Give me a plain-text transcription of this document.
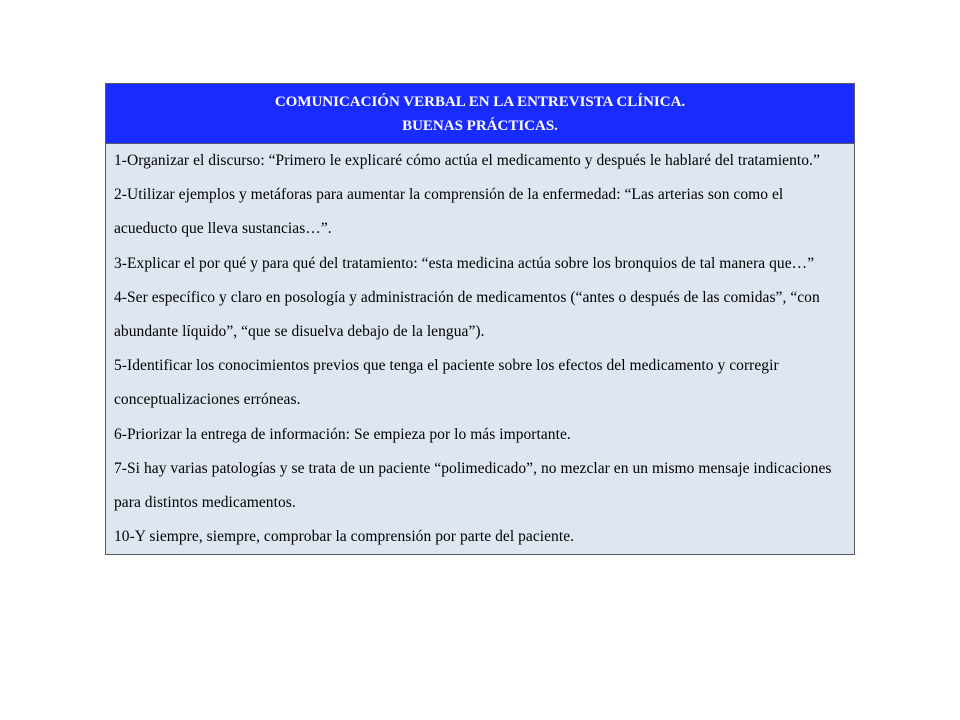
COMUNICACIÓN VERBAL EN LA ENTREVISTA CLÍNICA.
BUENAS PRÁCTICAS.

1-Organizar el discurso: “Primero le explicaré cómo actúa el medicamento y después le hablaré del tratamiento.”

2-Utilizar ejemplos y metáforas para aumentar la comprensión de la enfermedad: “Las arterias son como el acueducto que lleva sustancias…”.

3-Explicar el por qué y para qué del tratamiento: “esta medicina actúa sobre los bronquios de tal manera que…”

4-Ser específico y claro en posología y administración de medicamentos (“antes o después de las comidas”, “con abundante líquido”, “que se disuelva debajo de la lengua”).

5-Identificar los conocimientos previos que tenga el paciente sobre los efectos del medicamento y corregir conceptualizaciones erróneas.

6-Priorizar la entrega de información: Se empieza por lo más importante.

7-Si hay varias patologías y se trata de un paciente “polimedicado”, no mezclar en un mismo mensaje indicaciones para distintos medicamentos.

10-Y siempre, siempre, comprobar la comprensión por parte del paciente.
